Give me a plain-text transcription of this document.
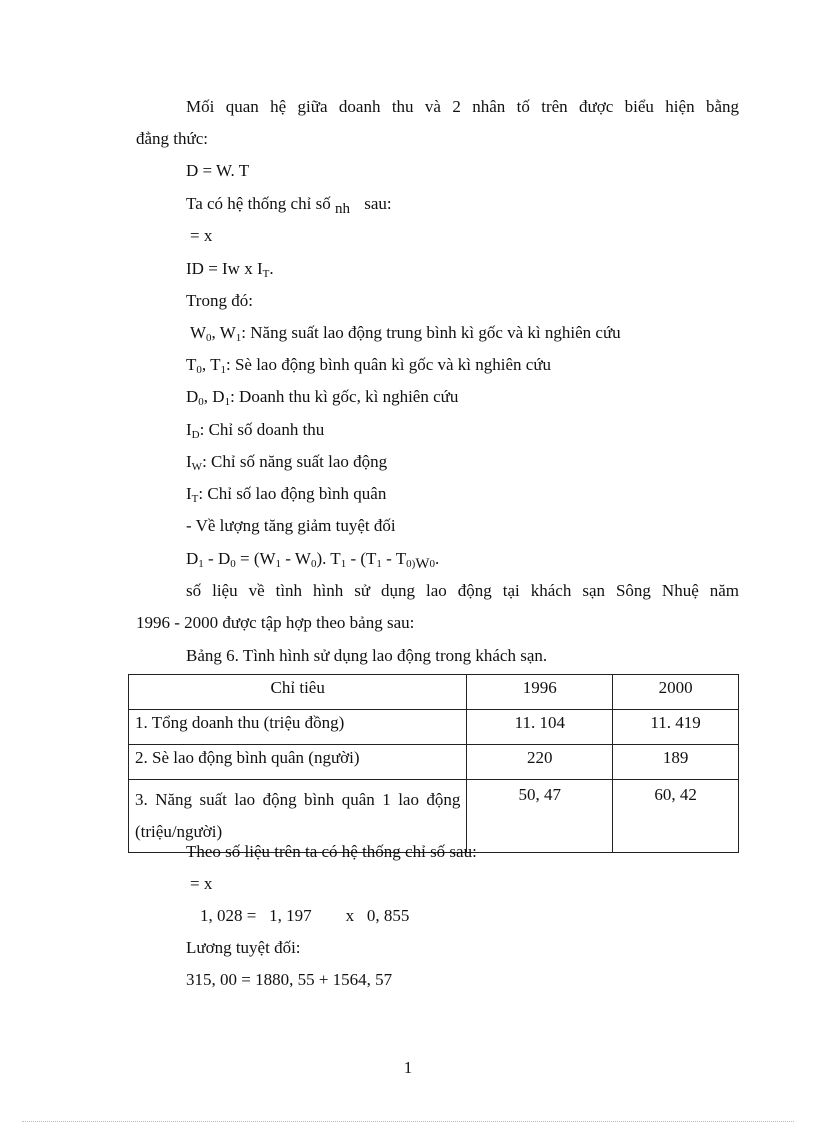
Mối quan hệ giữa doanh thu và 2 nhân tố trên được biểu hiện bằng
đẳng thức:
D = W. T
Ta có hệ thống chỉ số nh sau:
= x
ID = Iw x $I_T$.
Trong đó:
$W_0$, $W_1$: Năng suất lao động trung bình kì gốc và kì nghiên cứu
$T_0$, $T_1$: Sè lao động bình quân kì gốc và kì nghiên cứu
$D_0$, $D_1$: Doanh thu kì gốc, kì nghiên cứu
$I_D$: Chỉ số doanh thu
$I_W$: Chỉ số năng suất lao động
$I_T$: Chỉ số lao động bình quân
- Về lượng tăng giảm tuyệt đối
$D_1 - D_0 = (W_1 - W_0)$. $T_1 - (T_1 - T_{0)}W_0$.
số liệu về tình hình sử dụng lao động tại khách sạn Sông Nhuệ năm
1996 - 2000 được tập hợp theo bảng sau:
Bảng 6. Tình hình sử dụng lao động trong khách sạn.
Chỉ tiêu	1996	2000
1. Tổng doanh thu (triệu đồng)	11. 104	11. 419
2. Sè lao động bình quân (người)	220	189
3. Năng suất lao động bình quân 1 lao động (triệu/người)	50, 47	60, 42
Theo số liệu trên ta có hệ thống chỉ số sau:
= x
1, 028 =   1, 197        x   0, 855
Lương tuyệt đối:
315, 00 = 1880, 55 + 1564, 57
1
